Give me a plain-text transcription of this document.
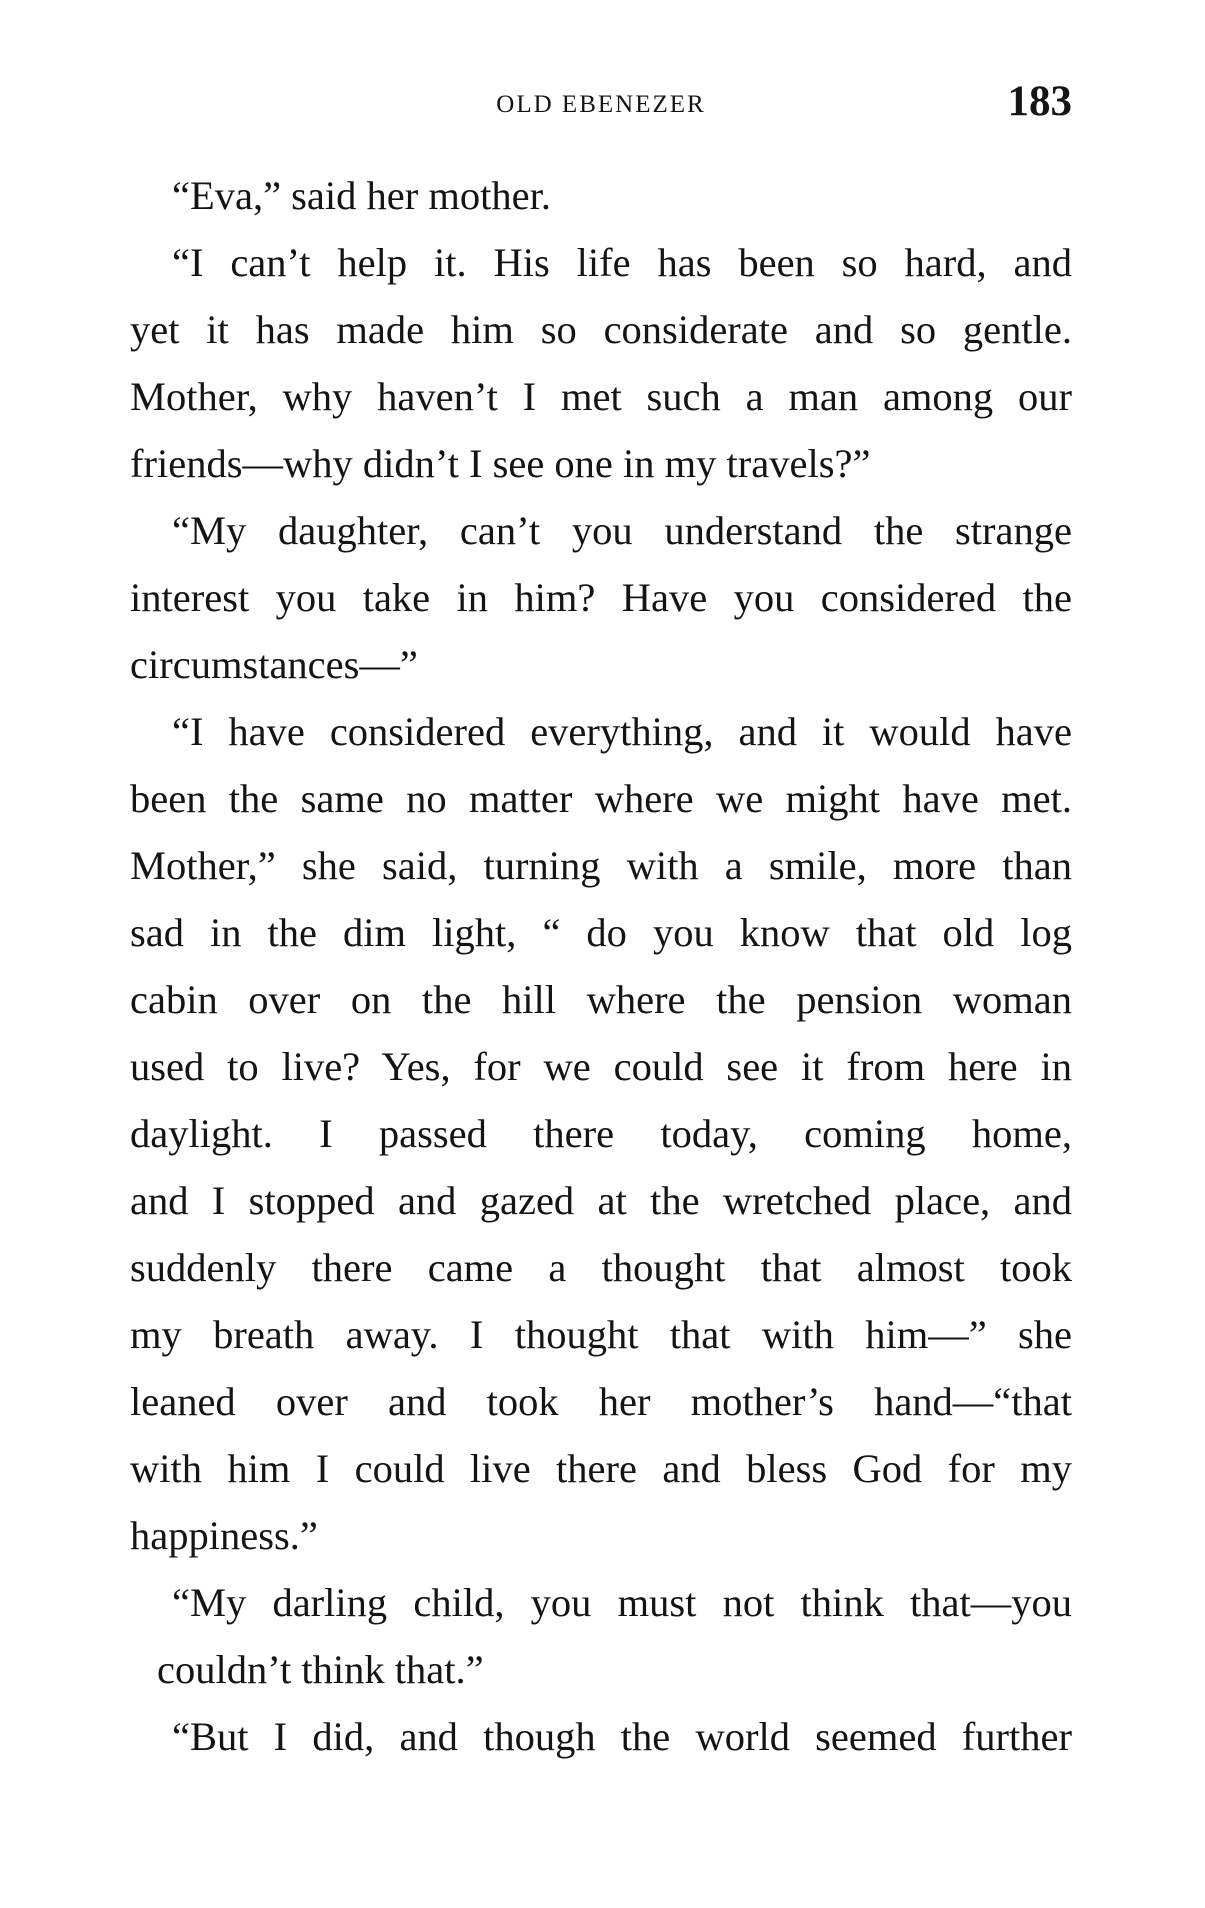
OLD EBENEZER	183
“Eva,” said her mother.
“I can’t help it. His life has been so hard, and
yet it has made him so considerate and so gentle.
Mother, why haven’t I met such a man among our
friends—why didn’t I see one in my travels?”
“My daughter, can’t you understand the strange
interest you take in him? Have you considered the
circumstances—”
“I have considered everything, and it would have
been the same no matter where we might have met.
Mother,” she said, turning with a smile, more than
sad in the dim light, “ do you know that old log
cabin over on the hill where the pension woman
used to live? Yes, for we could see it from here in
daylight. I passed there today, coming home,
and I stopped and gazed at the wretched place, and
suddenly there came a thought that almost took
my breath away. I thought that with him—” she
leaned over and took her mother’s hand—“that
with him I could live there and bless God for my
happiness.”
“My darling child, you must not think that—you
couldn’t think that.”
“But I did, and though the world seemed further
